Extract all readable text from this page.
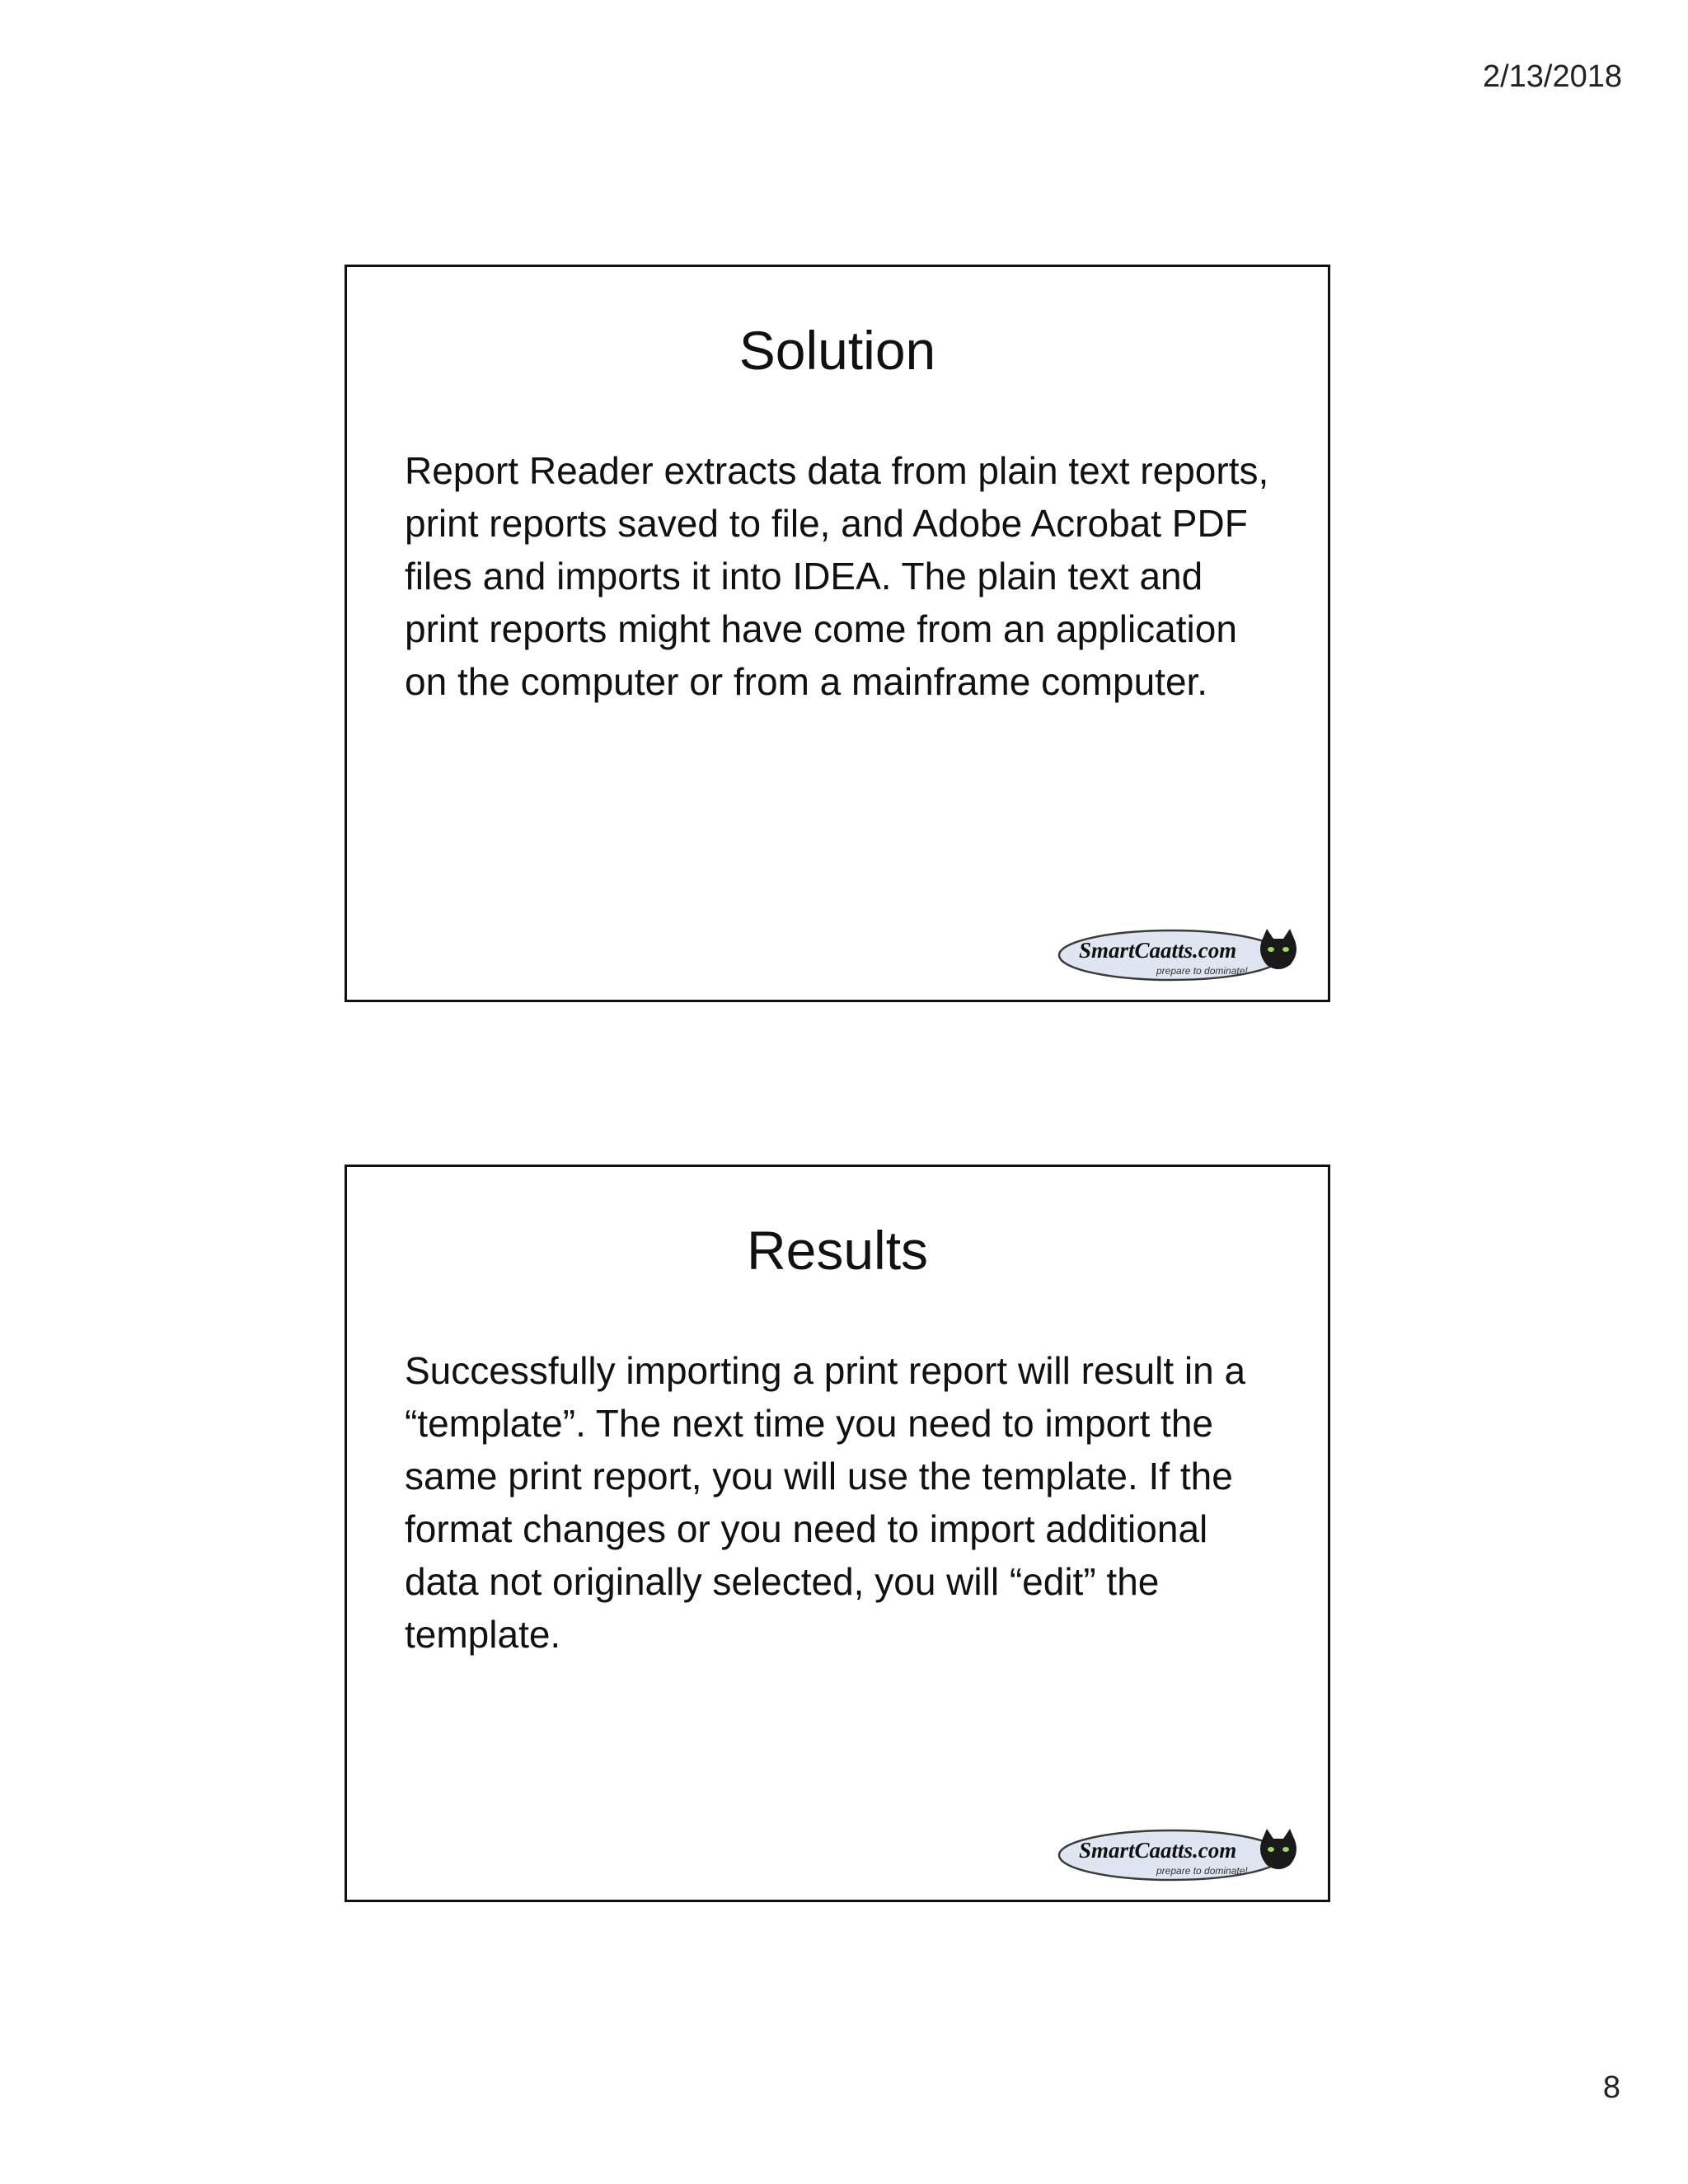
2/13/2018
Solution

Report Reader extracts data from plain text reports, print reports saved to file, and Adobe Acrobat PDF files and imports it into IDEA. The plain text and print reports might have come from an application on the computer or from a mainframe computer.

SmartCaatts.com
prepare to dominate!
Results

Successfully importing a print report will result in a “template”. The next time you need to import the same print report, you will use the template. If the format changes or you need to import additional data not originally selected, you will “edit” the template.

SmartCaatts.com
prepare to dominate!
8
